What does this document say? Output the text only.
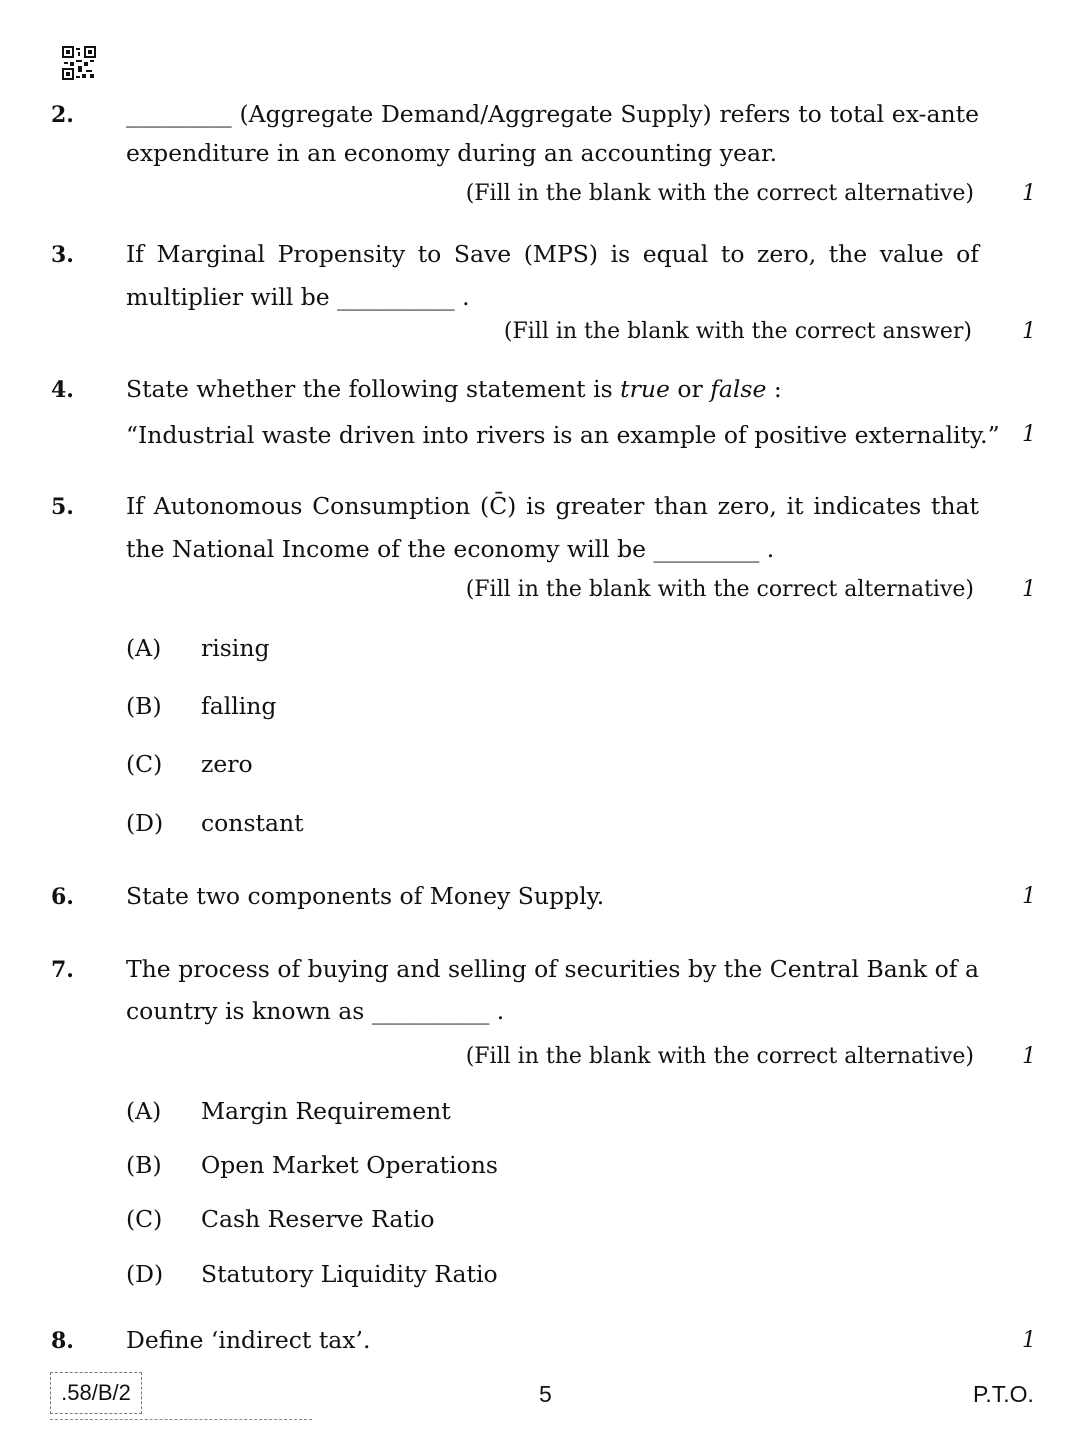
2. _________ (Aggregate Demand/Aggregate Supply) refers to total ex-ante
expenditure in an economy during an accounting year.
(Fill in the blank with the correct alternative) 1
3. If Marginal Propensity to Save (MPS) is equal to zero, the value of
multiplier will be __________ .
(Fill in the blank with the correct answer) 1
4. State whether the following statement is true or false :
“Industrial waste driven into rivers is an example of positive externality.” 1
5. If Autonomous Consumption (C̄) is greater than zero, it indicates that
the National Income of the economy will be _________ .
(Fill in the blank with the correct alternative) 1
(A) rising
(B) falling
(C) zero
(D) constant
6. State two components of Money Supply.	1
7. The process of buying and selling of securities by the Central Bank of a
country is known as __________ .
(Fill in the blank with the correct alternative) 1
(A) Margin Requirement
(B) Open Market Operations
(C) Cash Reserve Ratio
(D) Statutory Liquidity Ratio
8. Define ‘indirect tax’.	1
.58/B/2	5	P.T.O.
